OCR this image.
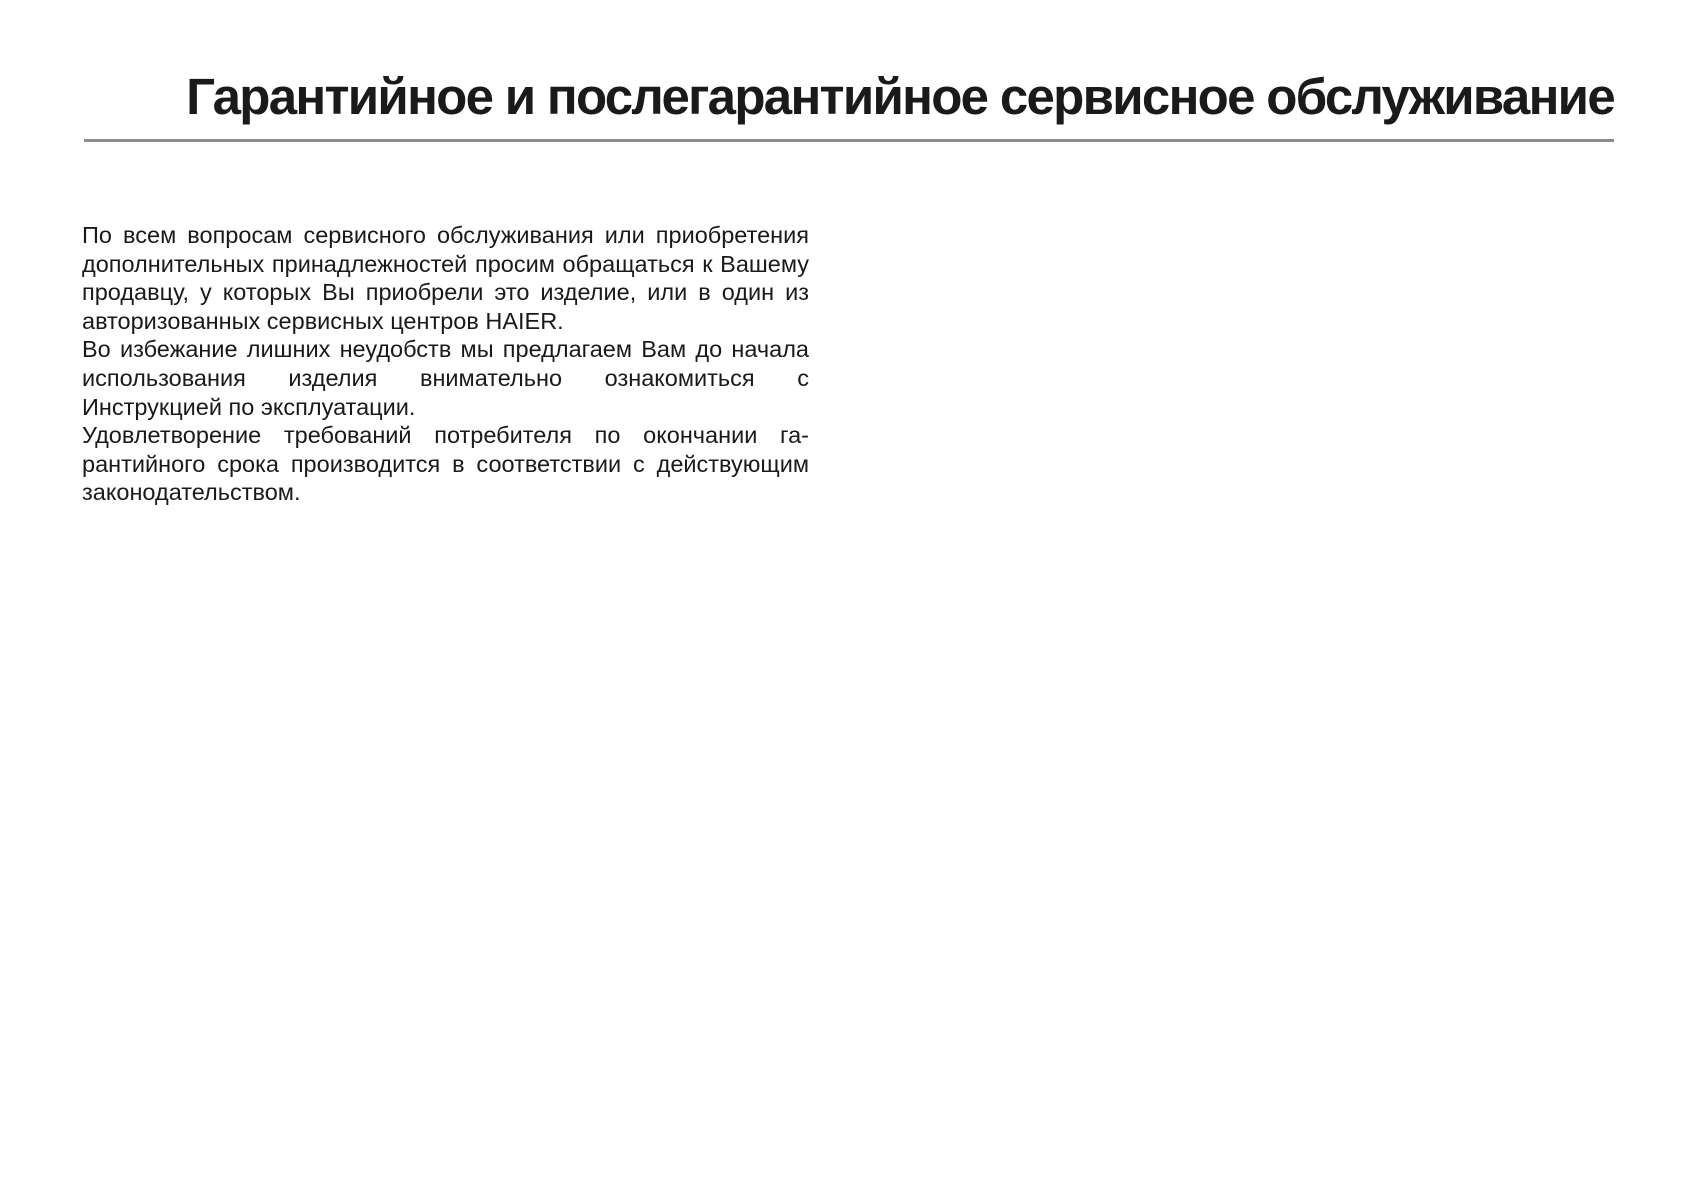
Гарантийное и послегарантийное сервисное обслуживание

По всем вопросам сервисного обслуживания или приобретения дополнительных принадлежностей просим обращаться к Вашему продавцу, у которых Вы приобрели это изделие, или в один из авторизованных сервисных центров HAIER.

Во избежание лишних неудобств мы предлагаем Вам до начала использования изделия внимательно ознакомиться с Инструкцией по эксплуатации.

Удовлетворение требований потребителя по окончании гарантийного срока производится в соответствии с действующим законодательством.
